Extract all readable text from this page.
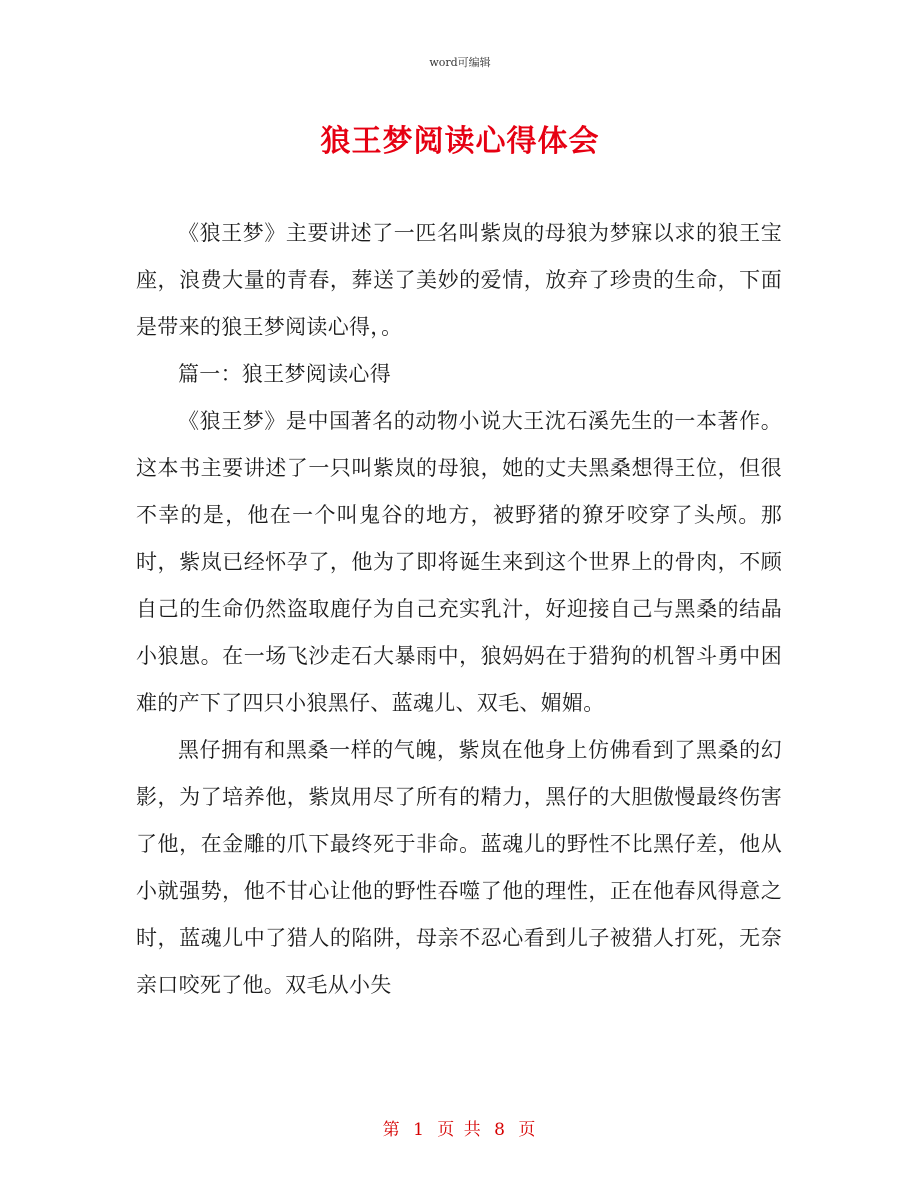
word可编辑
狼王梦阅读心得体会

《狼王梦》主要讲述了一匹名叫紫岚的母狼为梦寐以求的狼王宝座，浪费大量的青春，葬送了美妙的爱情，放弃了珍贵的生命，下面是带来的狼王梦阅读心得，。

篇一：狼王梦阅读心得

《狼王梦》是中国著名的动物小说大王沈石溪先生的一本著作。这本书主要讲述了一只叫紫岚的母狼，她的丈夫黑桑想得王位，但很不幸的是，他在一个叫鬼谷的地方，被野猪的獠牙咬穿了头颅。那时，紫岚已经怀孕了，他为了即将诞生来到这个世界上的骨肉，不顾自己的生命仍然盗取鹿仔为自己充实乳汁，好迎接自己与黑桑的结晶小狼崽。在一场飞沙走石大暴雨中，狼妈妈在于猎狗的机智斗勇中困难的产下了四只小狼黑仔、蓝魂儿、双毛、媚媚。

黑仔拥有和黑桑一样的气魄，紫岚在他身上仿佛看到了黑桑的幻影，为了培养他，紫岚用尽了所有的精力，黑仔的大胆傲慢最终伤害了他，在金雕的爪下最终死于非命。蓝魂儿的野性不比黑仔差，他从小就强势，他不甘心让他的野性吞噬了他的理性，正在他春风得意之时，蓝魂儿中了猎人的陷阱，母亲不忍心看到儿子被猎人打死，无奈亲口咬死了他。双毛从小失

第 1 页 共 8 页
